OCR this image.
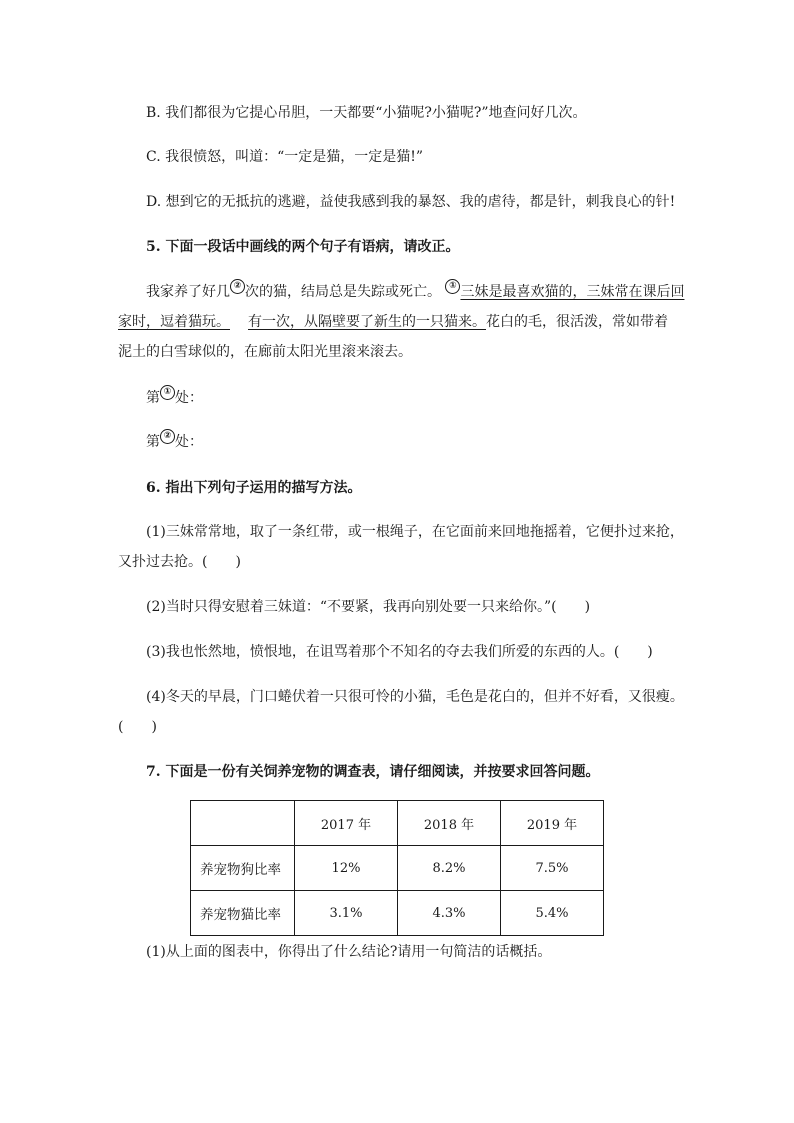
B. 我们都很为它提心吊胆，一天都要“小猫呢?小猫呢?”地查问好几次。
C. 我很愤怒，叫道：“一定是猫，一定是猫!”
D. 想到它的无抵抗的逃避，益使我感到我的暴怒、我的虐待，都是针，刺我良心的针!
5. 下面一段话中画线的两个句子有语病，请改正。
我家养了好几 ② 次的猫，结局总是失踪或死亡。 ① 三妹是最喜欢猫的，三妹常在课后回
家时，逗着猫玩。 有一次，从隔壁要了新生的一只猫来。花白的毛，很活泼，常如带着
泥土的白雪球似的，在廊前太阳光里滚来滚去。
第 ① 处：
第 ② 处：
6. 指出下列句子运用的描写方法。
(1)三妹常常地，取了一条红带，或一根绳子，在它面前来回地拖摇着，它便扑过来抢，
又扑过去抢。(　　)
(2)当时只得安慰着三妹道：“不要紧，我再向别处要一只来给你。”(　　)
(3)我也怅然地，愤恨地，在诅骂着那个不知名的夺去我们所爱的东西的人。(　　)
(4)冬天的早晨，门口蜷伏着一只很可怜的小猫，毛色是花白的，但并不好看，又很瘦。
(　　)
7. 下面是一份有关饲养宠物的调查表，请仔细阅读，并按要求回答问题。
	2017 年	2018 年	2019 年
养宠物狗比率	12%	8.2%	7.5%
养宠物猫比率	3.1%	4.3%	5.4%
(1)从上面的图表中，你得出了什么结论?请用一句简洁的话概括。
